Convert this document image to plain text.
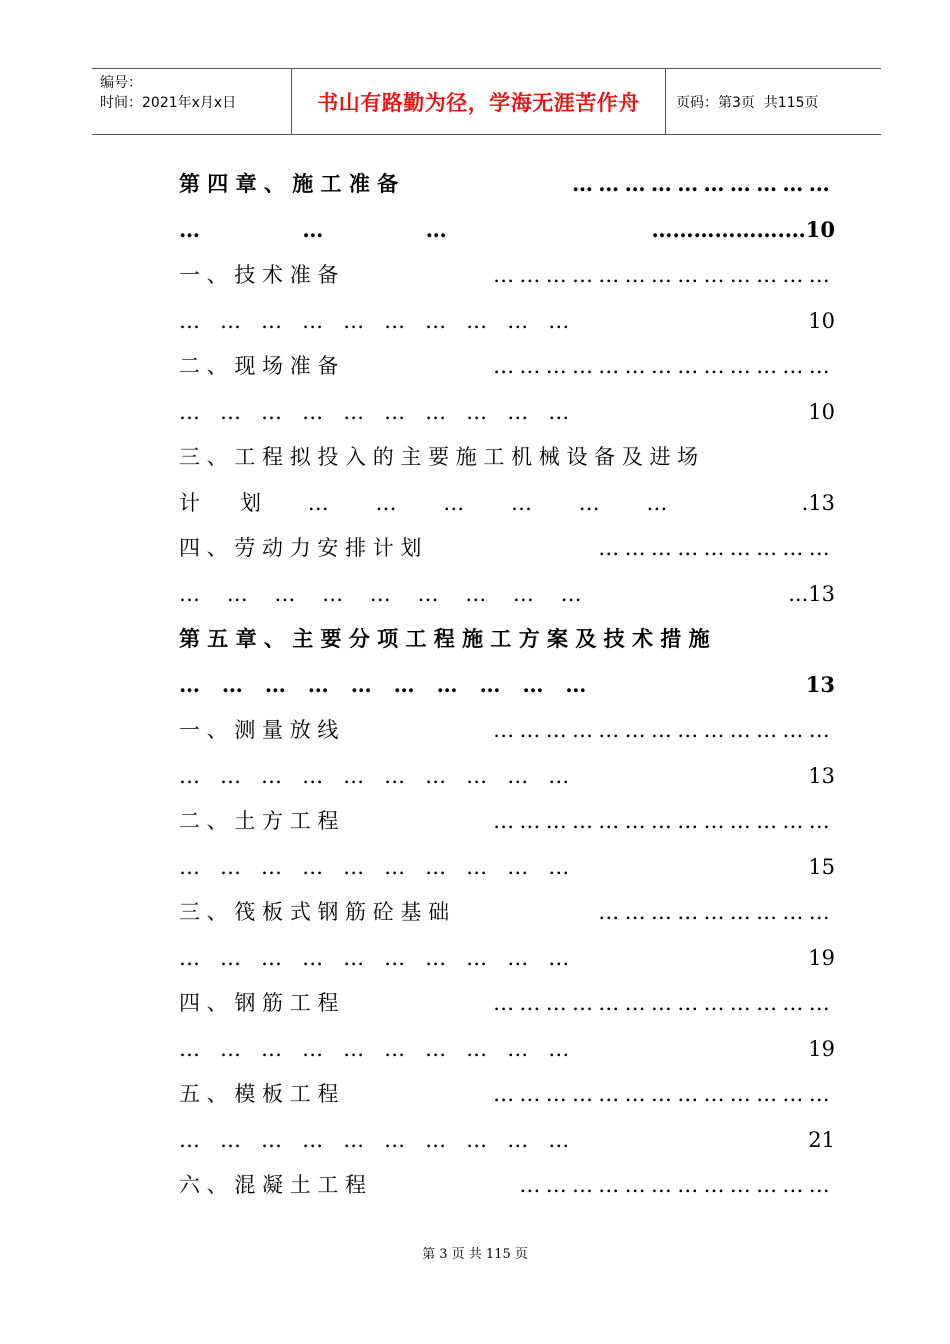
编号：
时间：2021年x月x日	书山有路勤为径，学海无涯苦作舟	页码：第3页  共115页
第 四 章 、 施 工 准 备	…………………………
…              …              …	……………….…10
一 、 技 术 准 备	…………………………………
…   …   …   …   …   …   …   …   …   …	10
二 、 现 场 准 备	…………………………………
…   …   …   …   …   …   …   …   …   …	10
三 、 工 程 拟 投 入 的 主 要 施 工 机 械 设 备 及 进 场
计      划       …       …       …       …       …       …	.13
四 、 劳 动 力 安 排 计 划	………………………
…    …    …    …    …    …    …    …    …	...13
第 五 章 、 主 要 分 项 工 程 施 工 方 案 及 技 术 措 施
…   …   …   …   …   …   …   …   …   …	13
一 、 测 量 放 线	…………………………………
…   …   …   …   …   …   …   …   …   …	13
二 、 土 方 工 程	…………………………………
…   …   …   …   …   …   …   …   …   …	15
三 、 筏 板 式 钢 筋 砼 基 础	………………………
…   …   …   …   …   …   …   …   …   …	19
四 、 钢 筋 工 程	…………………………………
…   …   …   …   …   …   …   …   …   …	19
五 、 模 板 工 程	…………………………………
…   …   …   …   …   …   …   …   …   …	21
六 、 混 凝 土 工 程	………………………………
第 3 页 共 115 页
